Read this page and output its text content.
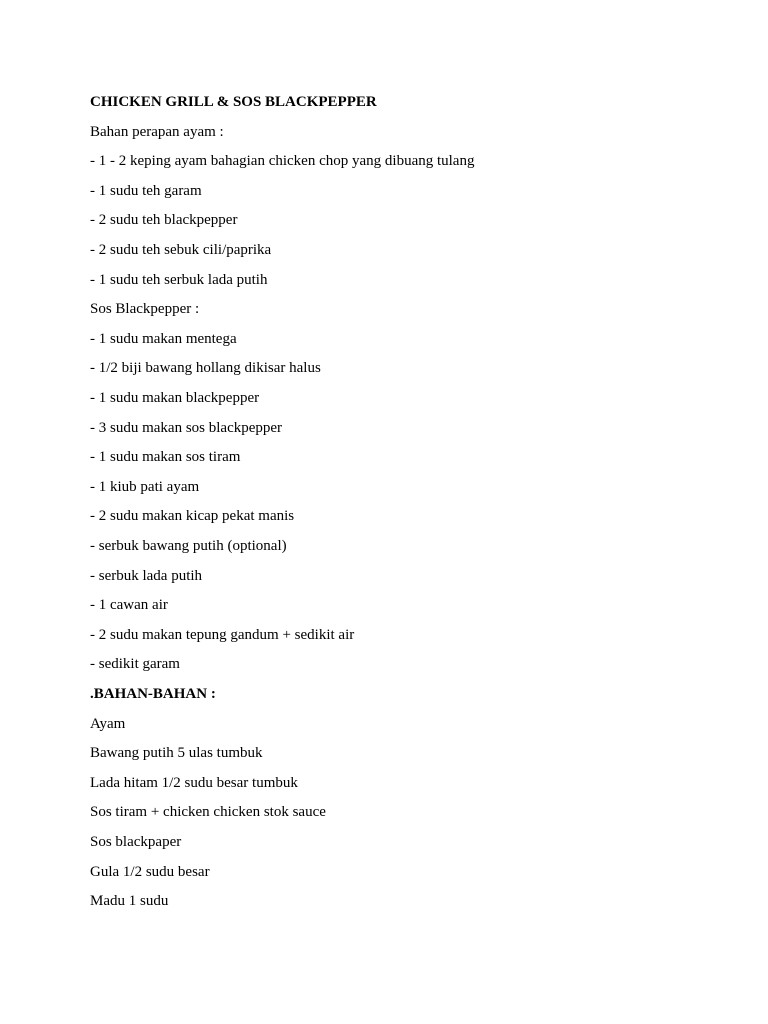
CHICKEN GRILL & SOS BLACKPEPPER

Bahan perapan ayam :

- 1 - 2 keping ayam bahagian chicken chop yang dibuang tulang

- 1 sudu teh garam

- 2 sudu teh blackpepper

- 2 sudu teh sebuk cili/paprika

- 1 sudu teh serbuk lada putih

Sos Blackpepper :

- 1 sudu makan mentega

- 1/2 biji bawang hollang dikisar halus

- 1 sudu makan blackpepper

- 3 sudu makan sos blackpepper

- 1 sudu makan sos tiram

- 1 kiub pati ayam

- 2 sudu makan kicap pekat manis

- serbuk bawang putih (optional)

- serbuk lada putih

- 1 cawan air

- 2 sudu makan tepung gandum + sedikit air

- sedikit garam

.BAHAN-BAHAN :

Ayam

Bawang putih 5 ulas tumbuk

Lada hitam 1/2 sudu besar tumbuk

Sos tiram + chicken chicken stok sauce

Sos blackpaper

Gula 1/2 sudu besar

Madu 1 sudu
